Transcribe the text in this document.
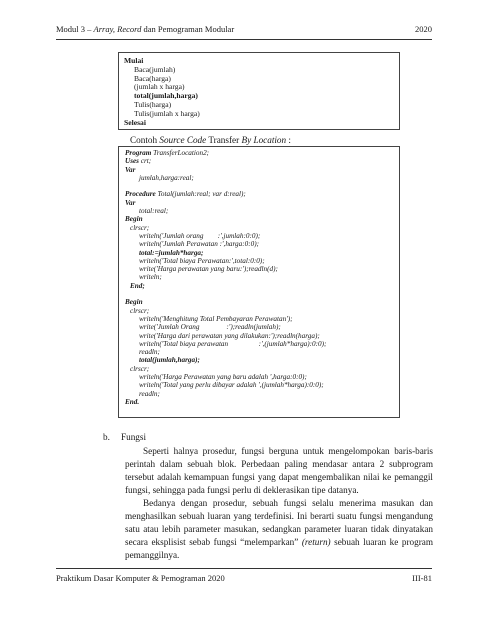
Modul 3 – Array, Record dan Pemograman Modular	2020
Mulai
Baca(jumlah)
Baca(harga)
(jumlah x harga)
total(jumlah,harga)
Tulis(harga)
Tulis(jumlah x harga)
Selesai
Contoh Source Code Transfer By Location :
Program TransferLocation2;
Uses crt;
Var
jumlah,harga:real;
Procedure Total(jumlah:real; var d:real);
Var
total:real;
Begin
clrscr;
writeln('Jumlah orang        :',jumlah:0:0);
writeln('Jumlah Perawatan :',harga:0:0);
total:=jumlah*harga;
writeln('Total biaya Perawatan:',total:0:0);
write('Harga perawatan yang baru:');readln(d);
writeln;
End;
Begin
clrscr;
writeln('Menghitung Total Pembayaran Perawatan');
write('Jumlah Orang               :');readln(jumlah);
write('Harga dari perawatan yang dilakukan:');readln(harga);
writeln('Total biaya perawatan                 :',(jumlah*harga):0:0);
readln;
total(jumlah,harga);
clrscr;
writeln('Harga Perawatan yang baru adalah ',harga:0:0);
writeln('Total yang perlu dibayar adalah ',(jumlah*harga):0:0);
readln;
End.
b. Fungsi

Seperti halnya prosedur, fungsi berguna untuk mengelompokan baris-baris perintah dalam sebuah blok. Perbedaan paling mendasar antara 2 subprogram tersebut adalah kemampuan fungsi yang dapat mengembalikan nilai ke pemanggil fungsi, sehingga pada fungsi perlu di deklerasikan tipe datanya.

Bedanya dengan prosedur, sebuah fungsi selalu menerima masukan dan menghasilkan sebuah luaran yang terdefinisi. Ini berarti suatu fungsi mengandung satu atau lebih parameter masukan, sedangkan parameter luaran tidak dinyatakan secara eksplisist sebab fungsi “melemparkan” (return) sebuah luaran ke program pemanggilnya.

Praktikum Dasar Komputer & Pemograman 2020	III-81
